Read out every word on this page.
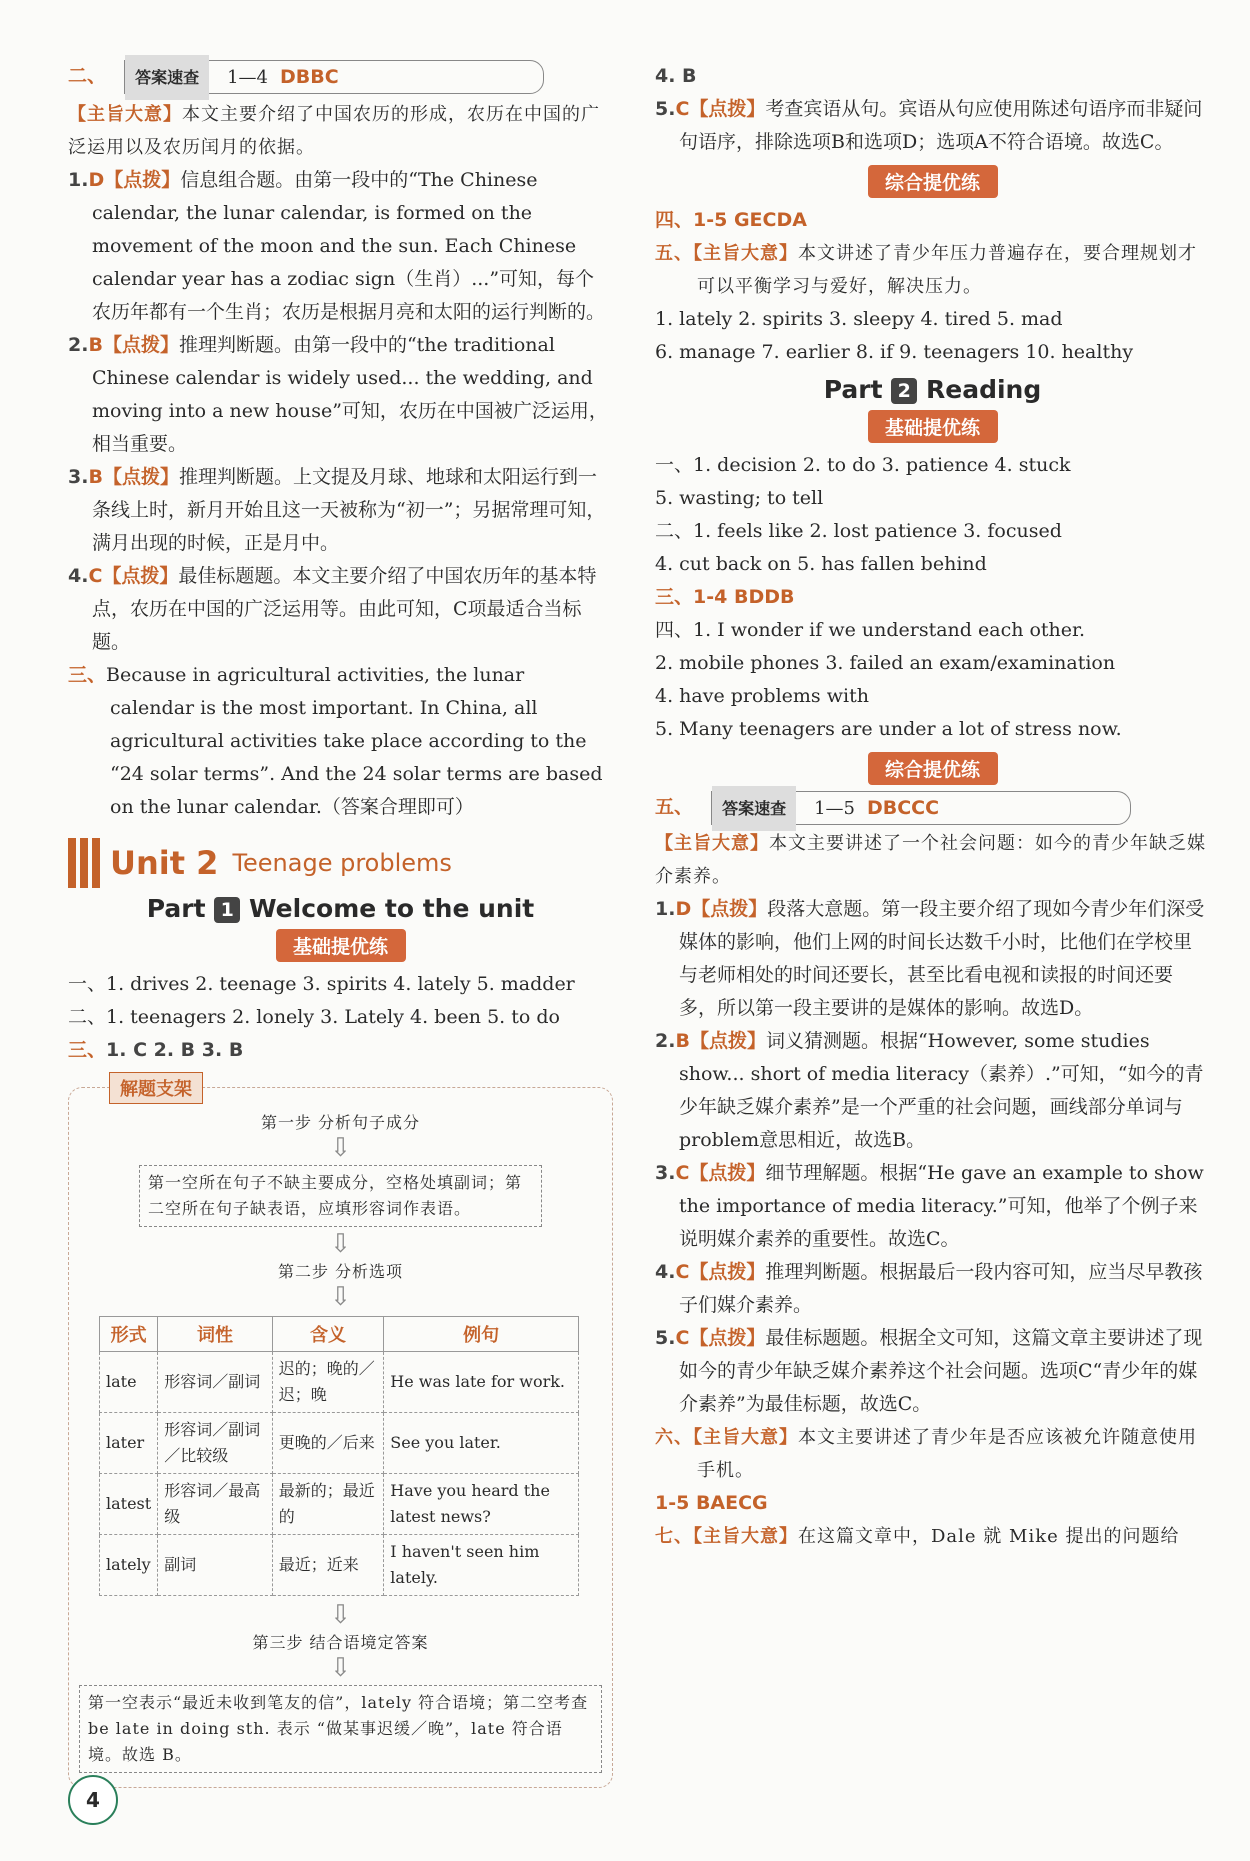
二、	答案速查	1—4 DBBC

【主旨大意】本文主要介绍了中国农历的形成，农历在中国的广泛运用以及农历闰月的依据。

1.D【点拨】信息组合题。由第一段中的“The Chinese calendar, the lunar calendar, is formed on the movement of the moon and the sun. Each Chinese calendar year has a zodiac sign（生肖）...”可知，每个农历年都有一个生肖；农历是根据月亮和太阳的运行判断的。

2.B【点拨】推理判断题。由第一段中的“the traditional Chinese calendar is widely used... the wedding, and moving into a new house”可知，农历在中国被广泛运用，相当重要。

3.B【点拨】推理判断题。上文提及月球、地球和太阳运行到一条线上时，新月开始且这一天被称为“初一”；另据常理可知，满月出现的时候，正是月中。

4.C【点拨】最佳标题题。本文主要介绍了中国农历年的基本特点，农历在中国的广泛运用等。由此可知，C项最适合当标题。

三、Because in agricultural activities, the lunar calendar is the most important. In China, all agricultural activities take place according to the “24 solar terms”. And the 24 solar terms are based on the lunar calendar.（答案合理即可）

Unit 2 Teenage problems
Part 1 Welcome to the unit
基础提优练

一、1. drives 2. teenage 3. spirits 4. lately 5. madder

二、1. teenagers 2. lonely 3. Lately 4. been 5. to do

三、1. C 2. B 3. B

解题支架
第一步 分析句子成分
⇩
第一空所在句子不缺主要成分，空格处填副词；第二空所在句子缺表语，应填形容词作表语。
⇩
第二步 分析选项
⇩
形式	词性	含义	例句
late	形容词／副词	迟的；晚的／迟；晚	He was late for work.
later	形容词／副词／比较级	更晚的／后来	See you later.
latest	形容词／最高级	最新的；最近的	Have you heard the latest news?
lately	副词	最近；近来	I haven't seen him lately.
⇩
第三步 结合语境定答案
⇩
第一空表示“最近未收到笔友的信”，lately 符合语境；第二空考查 be late in doing sth. 表示 “做某事迟缓／晚”，late 符合语境。故选 B。

4. B

5.C【点拨】考查宾语从句。宾语从句应使用陈述句语序而非疑问句语序，排除选项B和选项D；选项A不符合语境。故选C。

综合提优练

四、1-5 GECDA

五、【主旨大意】本文讲述了青少年压力普遍存在，要合理规划才可以平衡学习与爱好，解决压力。

1. lately 2. spirits 3. sleepy 4. tired 5. mad

6. manage 7. earlier 8. if 9. teenagers 10. healthy

Part 2 Reading
基础提优练

一、1. decision 2. to do 3. patience 4. stuck

5. wasting; to tell

二、1. feels like 2. lost patience 3. focused

4. cut back on 5. has fallen behind

三、1-4 BDDB

四、1. I wonder if we understand each other.

2. mobile phones 3. failed an exam/examination

4. have problems with

5. Many teenagers are under a lot of stress now.

综合提优练

五、	答案速查	1—5 DBCCC

【主旨大意】本文主要讲述了一个社会问题：如今的青少年缺乏媒介素养。

1.D【点拨】段落大意题。第一段主要介绍了现如今青少年们深受媒体的影响，他们上网的时间长达数千小时，比他们在学校里与老师相处的时间还要长，甚至比看电视和读报的时间还要多，所以第一段主要讲的是媒体的影响。故选D。

2.B【点拨】词义猜测题。根据“However, some studies show... short of media literacy（素养）.”可知，“如今的青少年缺乏媒介素养”是一个严重的社会问题，画线部分单词与problem意思相近，故选B。

3.C【点拨】细节理解题。根据“He gave an example to show the importance of media literacy.”可知，他举了个例子来说明媒介素养的重要性。故选C。

4.C【点拨】推理判断题。根据最后一段内容可知，应当尽早教孩子们媒介素养。

5.C【点拨】最佳标题题。根据全文可知，这篇文章主要讲述了现如今的青少年缺乏媒介素养这个社会问题。选项C“青少年的媒介素养”为最佳标题，故选C。

六、【主旨大意】本文主要讲述了青少年是否应该被允许随意使用手机。

1-5 BAECG

七、【主旨大意】在这篇文章中，Dale 就 Mike 提出的问题给

4
